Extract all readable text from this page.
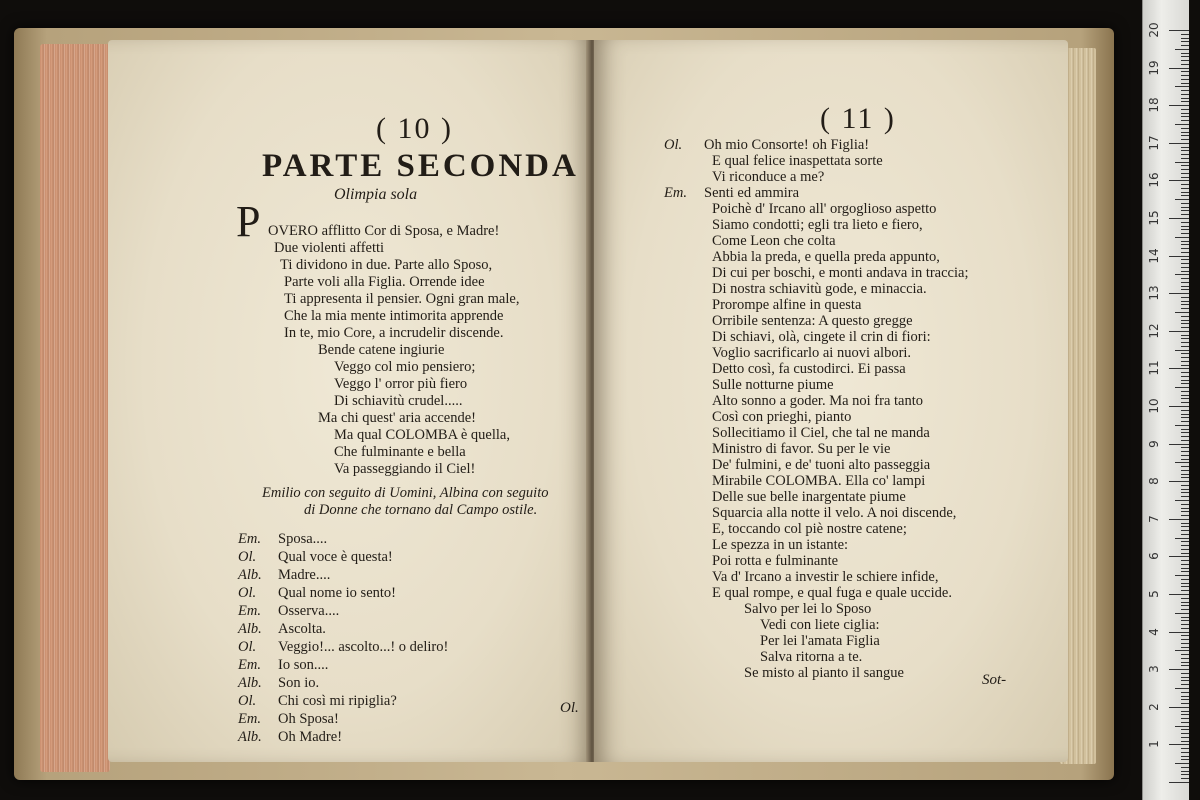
( 10 )
PARTE SECONDA
Olimpia sola
P OVERO afflitto Cor di Sposa, e Madre!
Due violenti affetti
Ti dividono in due. Parte allo Sposo,
Parte voli alla Figlia. Orrende idee
Ti appresenta il pensier. Ogni gran male,
Che la mia mente intimorita apprende
In te, mio Core, a incrudelir discende.
Bende catene ingiurie
Veggo col mio pensiero;
Veggo l' orror più fiero
Di schiavitù crudel.....
Ma chi quest' aria accende!
Ma qual COLOMBA è quella,
Che fulminante e bella
Va passeggiando il Ciel!
Emilio con seguito di Uomini, Albina con seguito
di Donne che tornano dal Campo ostile.
Em. Sposa....
Ol. Qual voce è questa!
Alb. Madre....
Ol. Qual nome io sento!
Em. Osserva....
Alb. Ascolta.
Ol. Veggio!... ascolto...! o deliro!
Em. Io son....
Alb. Son io.
Ol. Chi così mi ripiglia?
Em. Oh Sposa!
Alb. Oh Madre!
Ol.
( 11 )
Ol. Oh mio Consorte! oh Figlia!
E qual felice inaspettata sorte
Vi riconduce a me?
Em. Senti ed ammira
Poichè d' Ircano all' orgoglioso aspetto
Siamo condotti; egli tra lieto e fiero,
Come Leon che colta
Abbia la preda, e quella preda appunto,
Di cui per boschi, e monti andava in traccia;
Di nostra schiavitù gode, e minaccia.
Prorompe alfine in questa
Orribile sentenza: A questo gregge
Di schiavi, olà, cingete il crin di fiori:
Voglio sacrificarlo ai nuovi albori.
Detto così, fa custodirci. Ei passa
Sulle notturne piume
Alto sonno a goder. Ma noi fra tanto
Così con prieghi, pianto
Sollecitiamo il Ciel, che tal ne manda
Ministro di favor. Su per le vie
De' fulmini, e de' tuoni alto passeggia
Mirabile COLOMBA. Ella co' lampi
Delle sue belle inargentate piume
Squarcia alla notte il velo. A noi discende,
E, toccando col piè nostre catene;
Le spezza in un istante:
Poi rotta e fulminante
Va d' Ircano a investir le schiere infide,
E qual rompe, e qual fuga e quale uccide.
Salvo per lei lo Sposo
Vedi con liete ciglia:
Per lei l'amata Figlia
Salva ritorna a te.
Se misto al pianto il sangue	Sot-
1
2
3
4
5
6
7
8
9
10
11
12
13
14
15
16
17
18
19
20
